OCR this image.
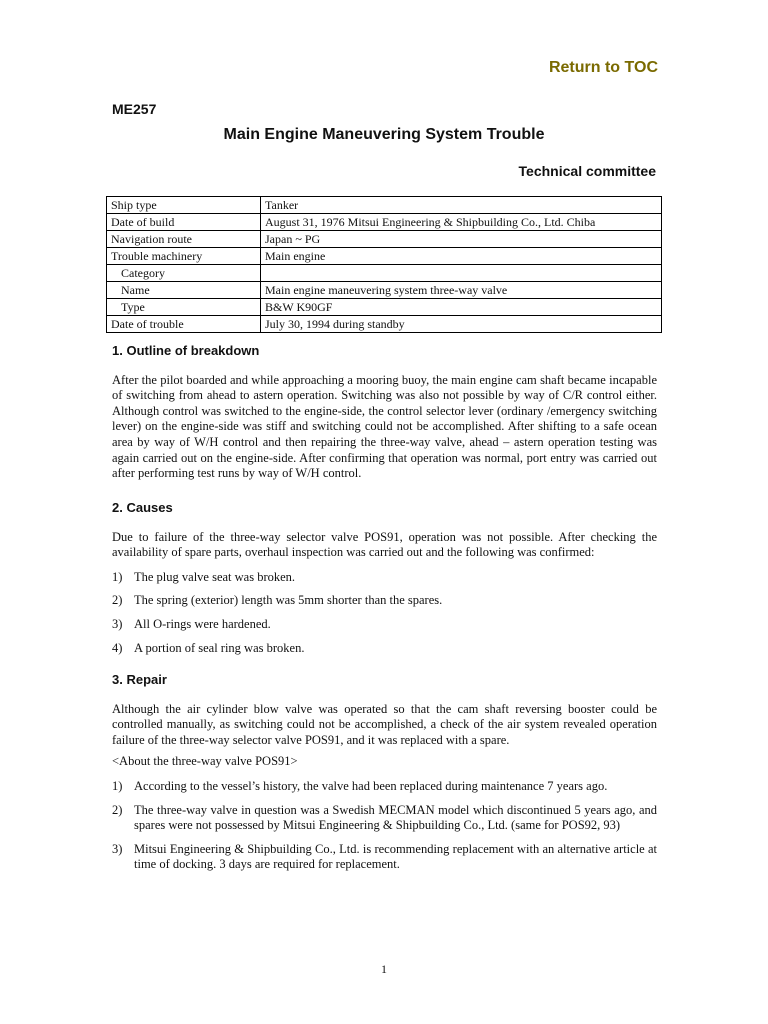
Return to TOC
ME257
Main Engine Maneuvering System Trouble
Technical committee
Ship type	Tanker
Date of build	August 31, 1976 Mitsui Engineering & Shipbuilding Co., Ltd. Chiba
Navigation route	Japan ~ PG
Trouble machinery	Main engine
Category	
Name	Main engine maneuvering system three-way valve
Type	B&W K90GF
Date of trouble	July 30, 1994 during standby
1. Outline of breakdown

After the pilot boarded and while approaching a mooring buoy, the main engine cam shaft became incapable of switching from ahead to astern operation. Switching was also not possible by way of C/R control either. Although control was switched to the engine-side, the control selector lever (ordinary /emergency switching lever) on the engine-side was stiff and switching could not be accomplished. After shifting to a safe ocean area by way of W/H control and then repairing the three-way valve, ahead – astern operation testing was again carried out on the engine-side. After confirming that operation was normal, port entry was carried out after performing test runs by way of W/H control.

2. Causes

Due to failure of the three-way selector valve POS91, operation was not possible. After checking the availability of spare parts, overhaul inspection was carried out and the following was confirmed:

1) The plug valve seat was broken.
2) The spring (exterior) length was 5mm shorter than the spares.
3) All O-rings were hardened.
4) A portion of seal ring was broken.
3. Repair

Although the air cylinder blow valve was operated so that the cam shaft reversing booster could be controlled manually, as switching could not be accomplished, a check of the air system revealed operation failure of the three-way selector valve POS91, and it was replaced with a spare.

<About the three-way valve POS91>

1) According to the vessel’s history, the valve had been replaced during maintenance 7 years ago.
2) The three-way valve in question was a Swedish MECMAN model which discontinued 5 years ago, and spares were not possessed by Mitsui Engineering & Shipbuilding Co., Ltd. (same for POS92, 93)
3) Mitsui Engineering & Shipbuilding Co., Ltd. is recommending replacement with an alternative article at time of docking. 3 days are required for replacement.
1
